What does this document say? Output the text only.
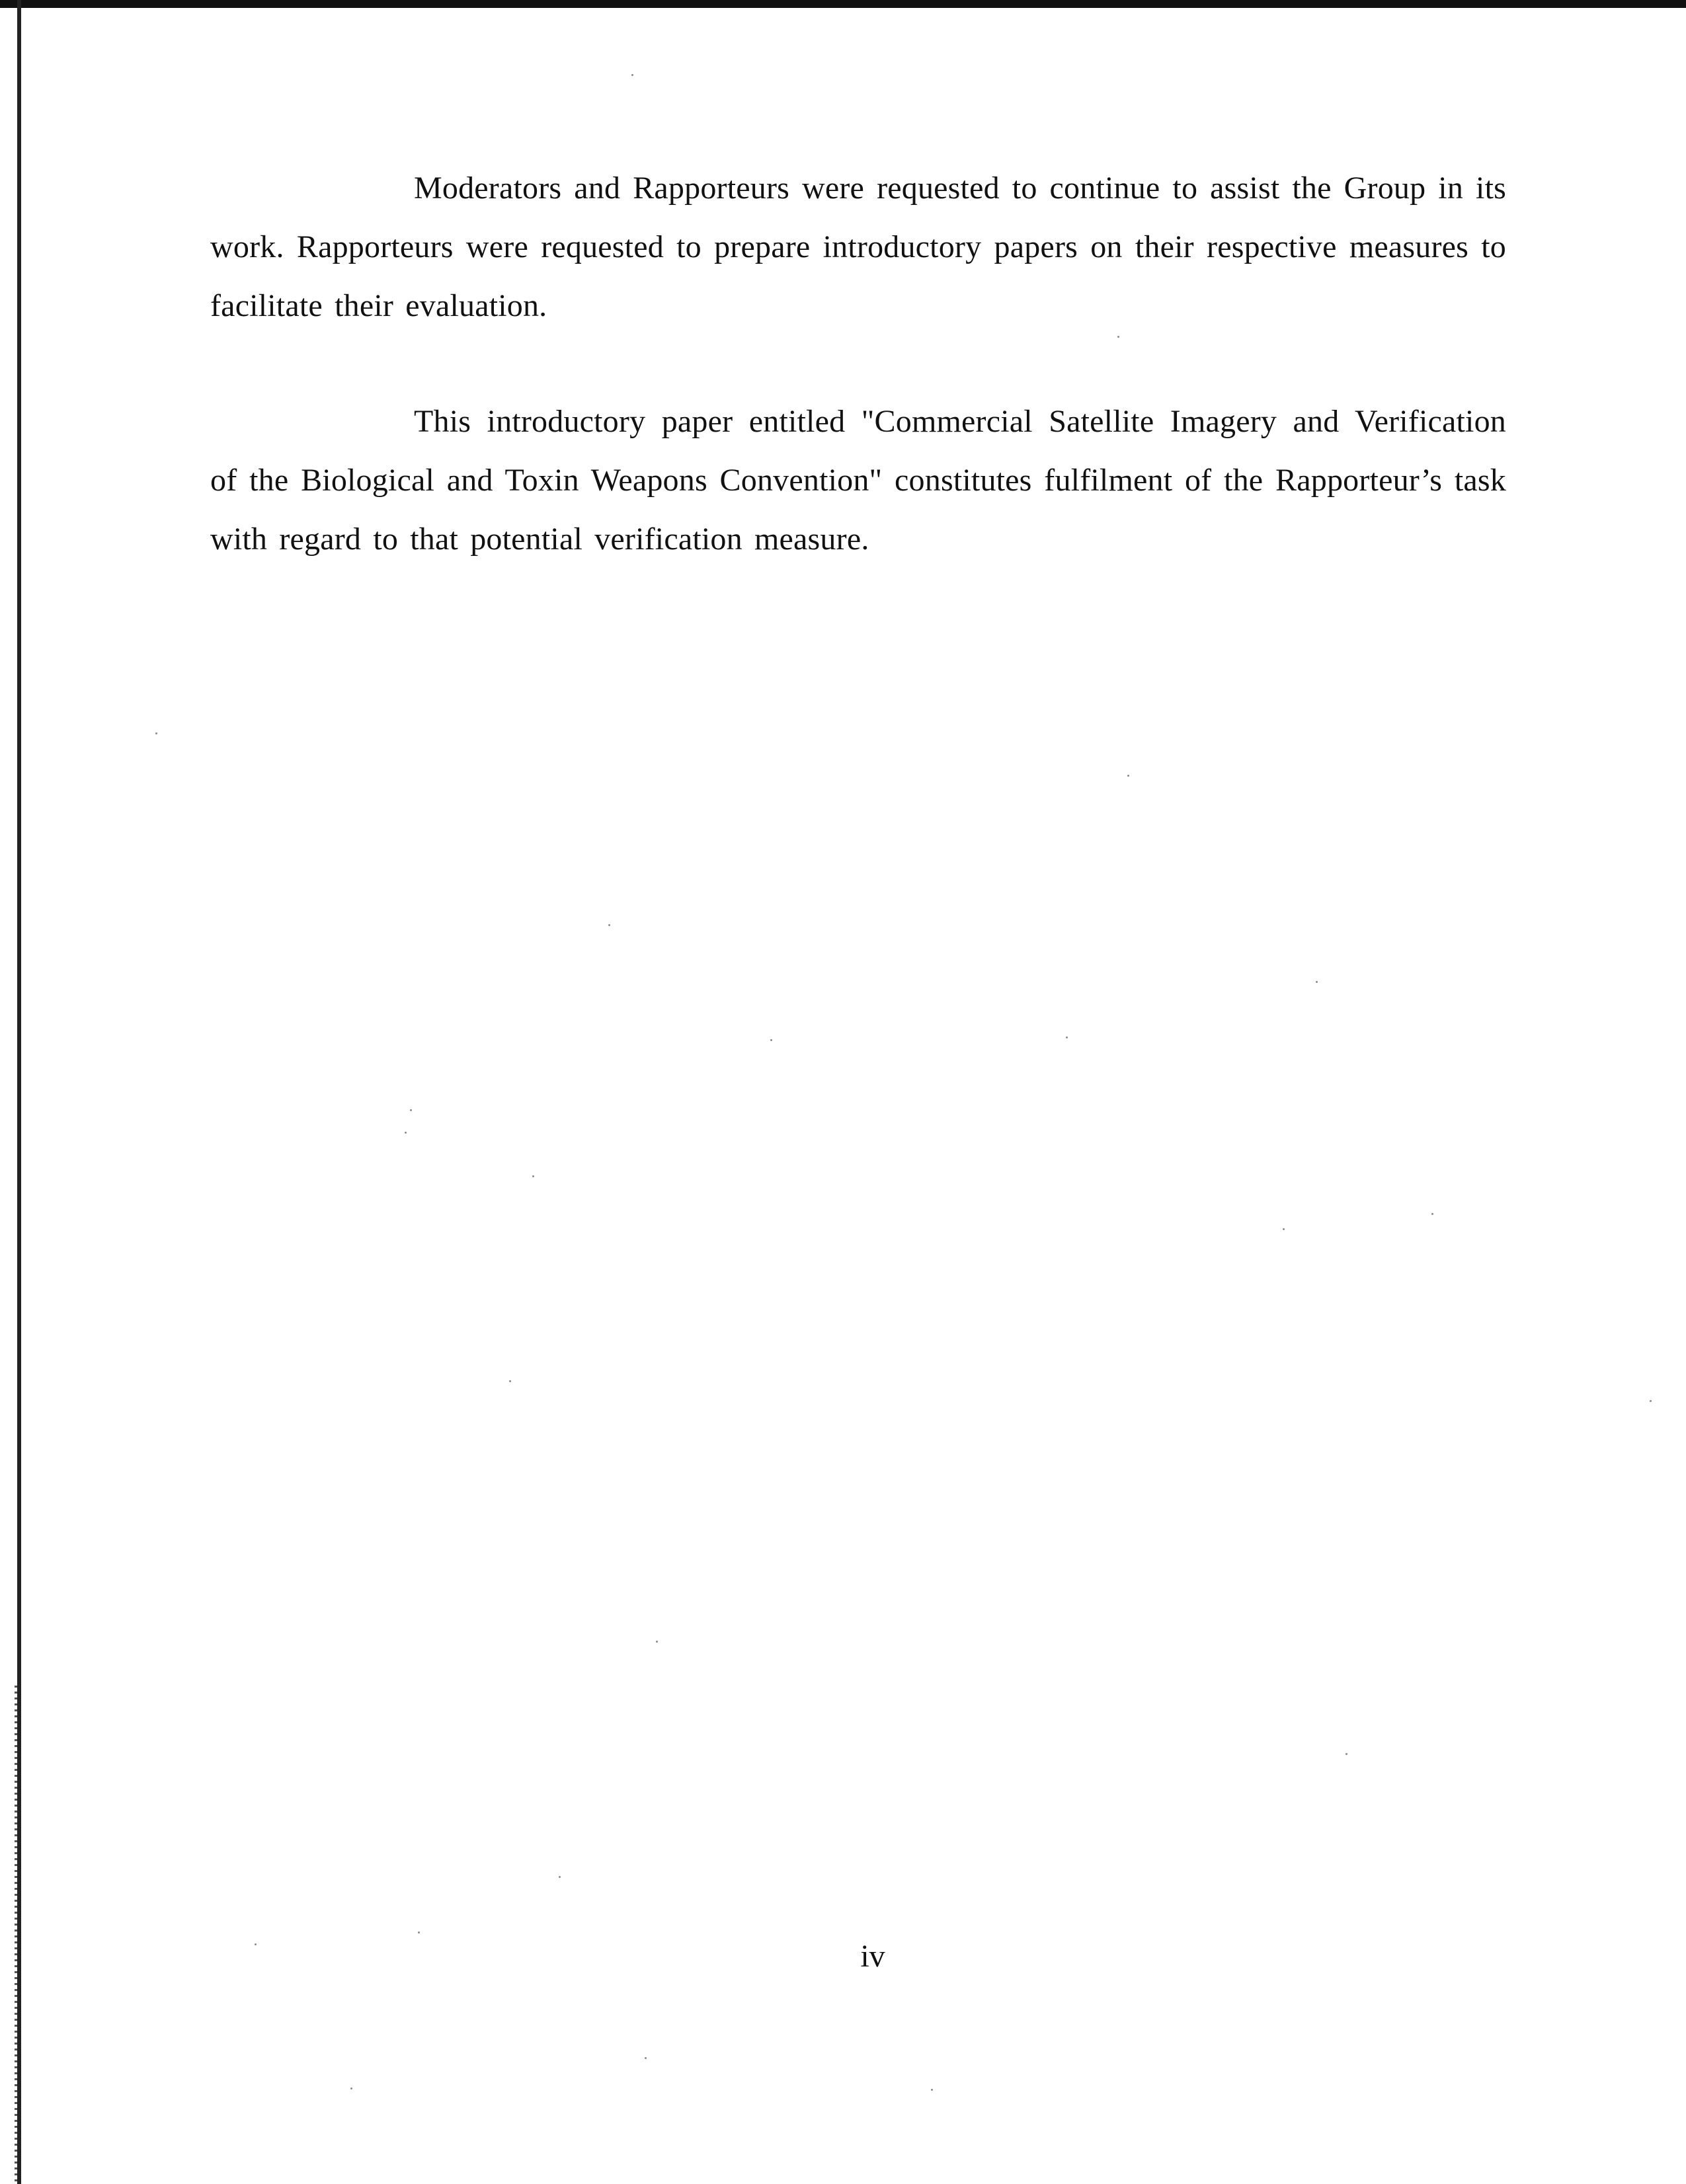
Moderators and Rapporteurs were requested to continue to assist the Group in its work. Rapporteurs were requested to prepare introductory papers on their respective measures to facilitate their evaluation.

This introductory paper entitled "Commercial Satellite Imagery and Verification of the Biological and Toxin Weapons Convention" constitutes fulfilment of the Rapporteur’s task with regard to that potential verification measure.

iv
